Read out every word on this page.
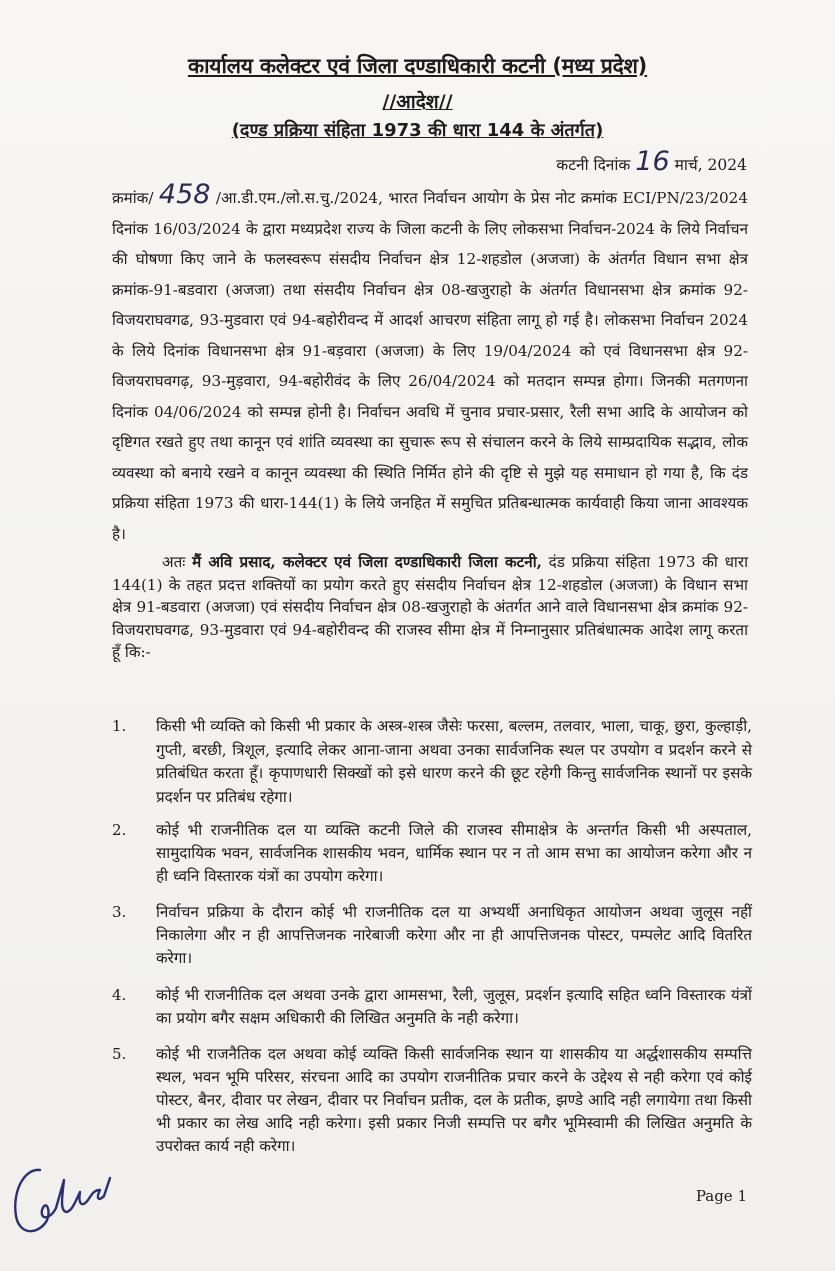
कार्यालय कलेक्टर एवं जिला दण्डाधिकारी कटनी (मध्य प्रदेश)
//आदेश//
(दण्ड प्रक्रिया संहिता 1973 की धारा 144 के अंतर्गत)
कटनी दिनांक 16 मार्च, 2024

क्रमांक/ 458 /आ.डी.एम./लो.स.चु./2024, भारत निर्वाचन आयोग के प्रेस नोट क्रमांक ECI/PN/23/2024 दिनांक 16/03/2024 के द्वारा मध्यप्रदेश राज्य के जिला कटनी के लिए लोकसभा निर्वाचन-2024 के लिये निर्वाचन की घोषणा किए जाने के फलस्वरूप संसदीय निर्वाचन क्षेत्र 12-शहडोल (अजजा) के अंतर्गत विधान सभा क्षेत्र क्रमांक-91-बडवारा (अजजा) तथा संसदीय निर्वाचन क्षेत्र 08-खजुराहो के अंतर्गत विधानसभा क्षेत्र क्रमांक 92-विजयराघवगढ, 93-मुडवारा एवं 94-बहोरीवन्द में आदर्श आचरण संहिता लागू हो गई है। लोकसभा निर्वाचन 2024 के लिये दिनांक विधानसभा क्षेत्र 91-बड़वारा (अजजा) के लिए 19/04/2024 को एवं विधानसभा क्षेत्र 92-विजयराघवगढ़, 93-मुड़वारा, 94-बहोरीवंद के लिए 26/04/2024 को मतदान सम्पन्न होगा। जिनकी मतगणना दिनांक 04/06/2024 को सम्पन्न होनी है। निर्वाचन अवधि में चुनाव प्रचार-प्रसार, रैली सभा आदि के आयोजन को दृष्टिगत रखते हुए तथा कानून एवं शांति व्यवस्था का सुचारू रूप से संचालन करने के लिये साम्प्रदायिक सद्भाव, लोक व्यवस्था को बनाये रखने व कानून व्यवस्था की स्थिति निर्मित होने की दृष्टि से मुझे यह समाधान हो गया है, कि दंड प्रक्रिया संहिता 1973 की धारा-144(1) के लिये जनहित में समुचित प्रतिबन्धात्मक कार्यवाही किया जाना आवश्यक है।

अतः मैं अवि प्रसाद, कलेक्टर एवं जिला दण्डाधिकारी जिला कटनी, दंड प्रक्रिया संहिता 1973 की धारा 144(1) के तहत प्रदत्त शक्तियों का प्रयोग करते हुए संसदीय निर्वाचन क्षेत्र 12-शहडोल (अजजा) के विधान सभा क्षेत्र 91-बडवारा (अजजा) एवं संसदीय निर्वाचन क्षेत्र 08-खजुराहो के अंतर्गत आने वाले विधानसभा क्षेत्र क्रमांक 92-विजयराघवगढ, 93-मुडवारा एवं 94-बहोरीवन्द की राजस्व सीमा क्षेत्र में निम्नानुसार प्रतिबंधात्मक आदेश लागू करता हूँ कि:-

1. किसी भी व्यक्ति को किसी भी प्रकार के अस्त्र-शस्त्र जैसेः फरसा, बल्लम, तलवार, भाला, चाकू, छुरा, कुल्हाड़ी, गुप्ती, बरछी, त्रिशूल, इत्यादि लेकर आना-जाना अथवा उनका सार्वजनिक स्थल पर उपयोग व प्रदर्शन करने से प्रतिबंधित करता हूँ। कृपाणधारी सिक्खों को इसे धारण करने की छूट रहेगी किन्तु सार्वजनिक स्थानों पर इसके प्रदर्शन पर प्रतिबंध रहेगा।
2. कोई भी राजनीतिक दल या व्यक्ति कटनी जिले की राजस्व सीमाक्षेत्र के अन्तर्गत किसी भी अस्पताल, सामुदायिक भवन, सार्वजनिक शासकीय भवन, धार्मिक स्थान पर न तो आम सभा का आयोजन करेगा और न ही ध्वनि विस्तारक यंत्रों का उपयोग करेगा।
3. निर्वाचन प्रक्रिया के दौरान कोई भी राजनीतिक दल या अभ्यर्थी अनाधिकृत आयोजन अथवा जुलूस नहीं निकालेगा और न ही आपत्तिजनक नारेबाजी करेगा और ना ही आपत्तिजनक पोस्टर, पम्पलेट आदि वितरित करेगा।
4. कोई भी राजनीतिक दल अथवा उनके द्वारा आमसभा, रैली, जुलूस, प्रदर्शन इत्यादि सहित ध्वनि विस्तारक यंत्रों का प्रयोग बगैर सक्षम अधिकारी की लिखित अनुमति के नही करेगा।
5. कोई भी राजनैतिक दल अथवा कोई व्यक्ति किसी सार्वजनिक स्थान या शासकीय या अर्द्धशासकीय सम्पत्ति स्थल, भवन भूमि परिसर, संरचना आदि का उपयोग राजनीतिक प्रचार करने के उद्देश्य से नही करेगा एवं कोई पोस्टर, बैनर, दीवार पर लेखन, दीवार पर निर्वाचन प्रतीक, दल के प्रतीक, झण्डे आदि नही लगायेगा तथा किसी भी प्रकार का लेख आदि नही करेगा। इसी प्रकार निजी सम्पत्ति पर बगैर भूमिस्वामी की लिखित अनुमति के उपरोक्त कार्य नही करेगा।
Page 1
